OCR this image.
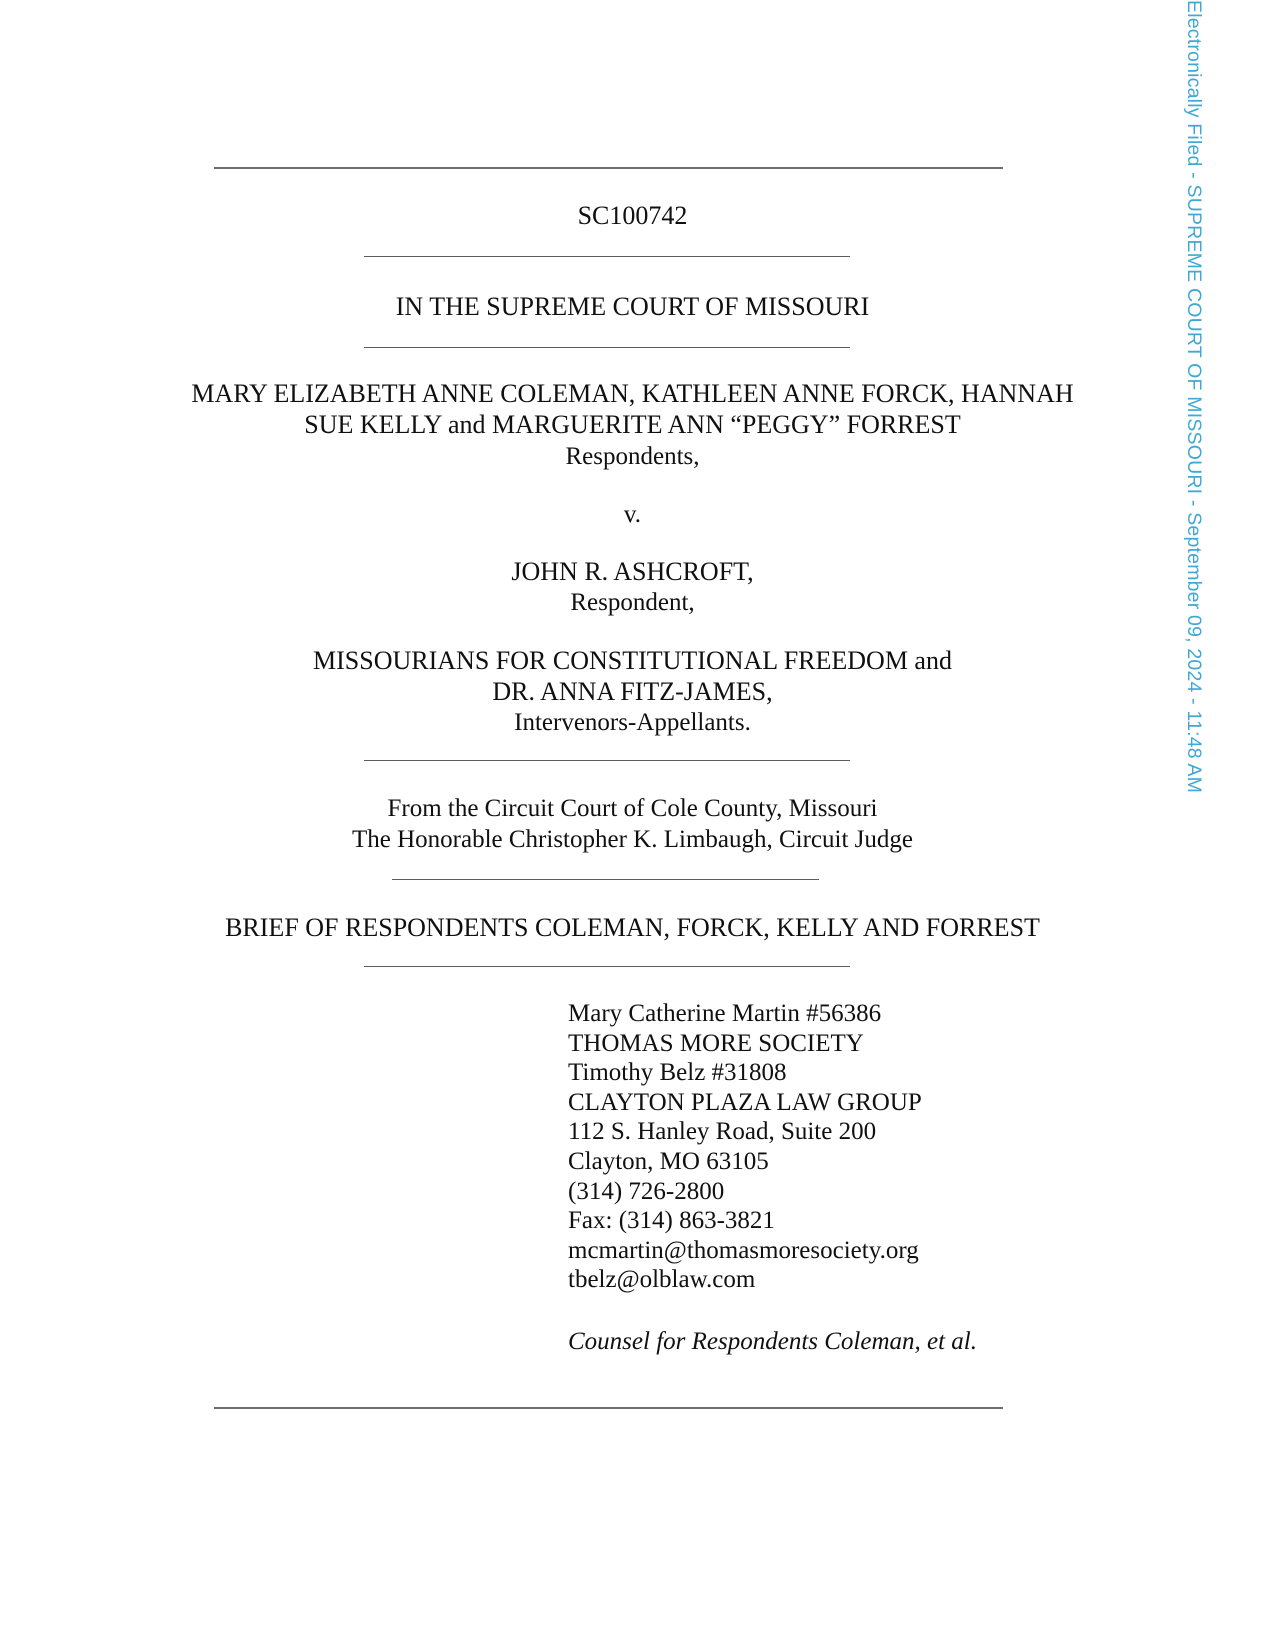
Electronically Filed - SUPREME COURT OF MISSOURI - September 09, 2024 - 11:48 AM
SC100742
IN THE SUPREME COURT OF MISSOURI
MARY ELIZABETH ANNE COLEMAN, KATHLEEN ANNE FORCK, HANNAH
SUE KELLY and MARGUERITE ANN “PEGGY” FORREST
Respondents,
v.
JOHN R. ASHCROFT,
Respondent,
MISSOURIANS FOR CONSTITUTIONAL FREEDOM and
DR. ANNA FITZ-JAMES,
Intervenors-Appellants.
From the Circuit Court of Cole County, Missouri
The Honorable Christopher K. Limbaugh, Circuit Judge
BRIEF OF RESPONDENTS COLEMAN, FORCK, KELLY AND FORREST
Mary Catherine Martin #56386
THOMAS MORE SOCIETY
Timothy Belz #31808
CLAYTON PLAZA LAW GROUP
112 S. Hanley Road, Suite 200
Clayton, MO 63105
(314) 726-2800
Fax: (314) 863-3821
mcmartin@thomasmoresociety.org
tbelz@olblaw.com
Counsel for Respondents Coleman, et al.
